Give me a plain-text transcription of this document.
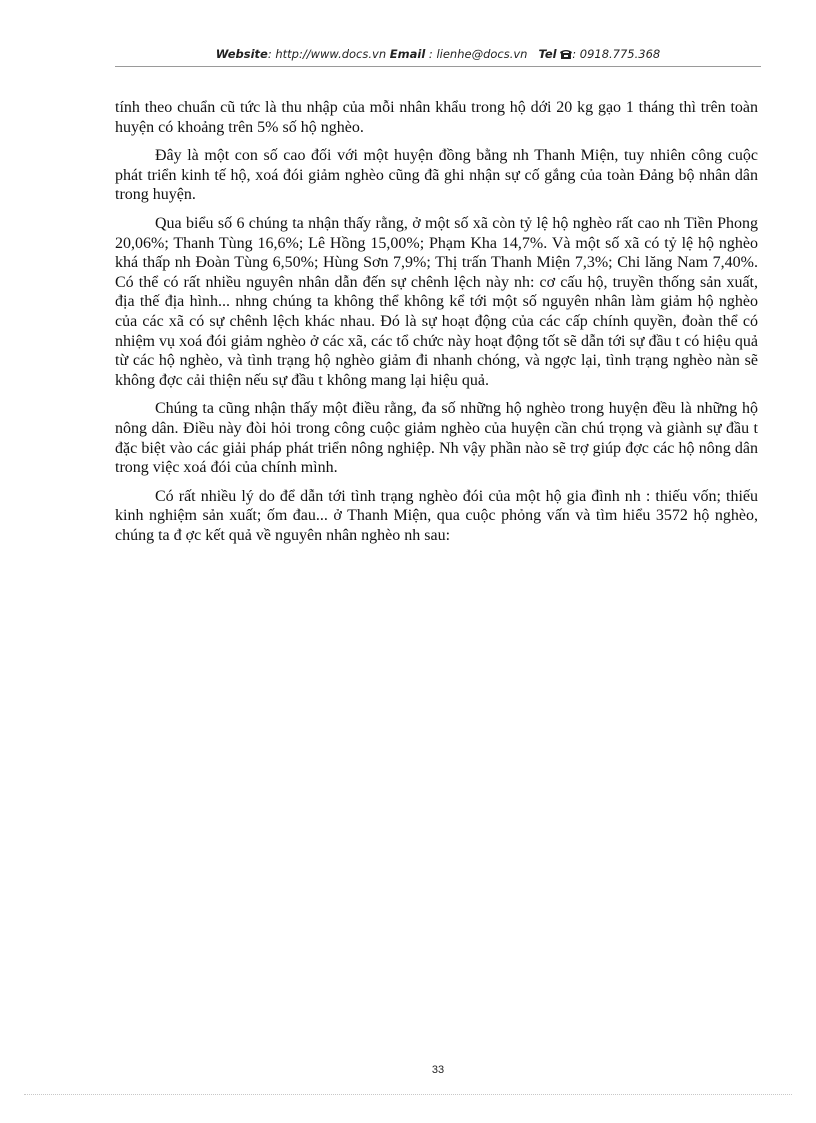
Website: http://www.docs.vn Email : lienhe@docs.vn Tel : 0918.775.368

tính theo chuẩn cũ tức là thu nhập của mỗi nhân khẩu trong hộ dới 20 kg gạo 1 tháng thì trên toàn huyện có khoảng trên 5% số hộ nghèo.

Đây là một con số cao đối với một huyện đồng bằng nh Thanh Miện, tuy nhiên công cuộc phát triển kinh tế hộ, xoá đói giảm nghèo cũng đã ghi nhận sự cố gắng của toàn Đảng bộ nhân dân trong huyện.

Qua biểu số 6 chúng ta nhận thấy rằng, ở một số xã còn tỷ lệ hộ nghèo rất cao nh Tiền Phong 20,06%; Thanh Tùng 16,6%; Lê Hồng 15,00%; Phạm Kha 14,7%. Và một số xã có tỷ lệ hộ nghèo khá thấp nh Đoàn Tùng 6,50%; Hùng Sơn 7,9%; Thị trấn Thanh Miện 7,3%; Chi lăng Nam 7,40%. Có thể có rất nhiều nguyên nhân dẫn đến sự chênh lệch này nh: cơ cấu hộ, truyền thống sản xuất, địa thế địa hình... nhng chúng ta không thể không kể tới một số nguyên nhân làm giảm hộ nghèo của các xã có sự chênh lệch khác nhau. Đó là sự hoạt động của các cấp chính quyền, đoàn thể có nhiệm vụ xoá đói giảm nghèo ở các xã, các tổ chức này hoạt động tốt sẽ dẫn tới sự đầu t có hiệu quả từ các hộ nghèo, và tình trạng hộ nghèo giảm đi nhanh chóng, và ngợc lại, tình trạng nghèo nàn sẽ không đợc cải thiện nếu sự đầu t không mang lại hiệu quả.

Chúng ta cũng nhận thấy một điều rằng, đa số những hộ nghèo trong huyện đều là những hộ nông dân. Điều này đòi hỏi trong công cuộc giảm nghèo của huyện cần chú trọng và giành sự đầu t đặc biệt vào các giải pháp phát triển nông nghiệp. Nh vậy phần nào sẽ trợ giúp đợc các hộ nông dân trong việc xoá đói của chính mình.

Có rất nhiều lý do để dẫn tới tình trạng nghèo đói của một hộ gia đình nh : thiếu vốn; thiếu kinh nghiệm sản xuất; ốm đau... ở Thanh Miện, qua cuộc phỏng vấn và tìm hiểu 3572 hộ nghèo, chúng ta đ ợc kết quả về nguyên nhân nghèo nh sau:

33
